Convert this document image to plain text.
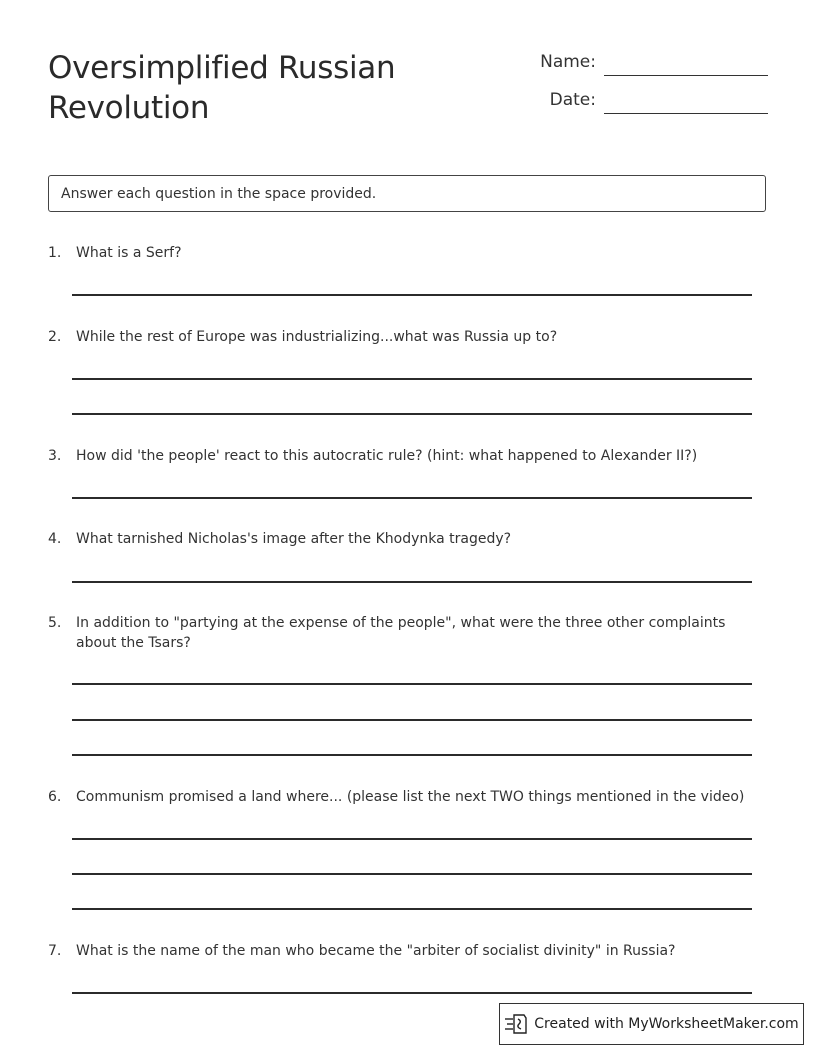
Oversimplified Russian Revolution
Name:
Date:
Answer each question in the space provided.
1.	What is a Serf?
2.	While the rest of Europe was industrializing...what was Russia up to?
3.	How did 'the people' react to this autocratic rule? (hint: what happened to Alexander II?)
4.	What tarnished Nicholas's image after the Khodynka tragedy?
5.	In addition to "partying at the expense of the people", what were the three other complaints about the Tsars?
6.	Communism promised a land where... (please list the next TWO things mentioned in the video)
7.	What is the name of the man who became the "arbiter of socialist divinity" in Russia?
Created with MyWorksheetMaker.com
